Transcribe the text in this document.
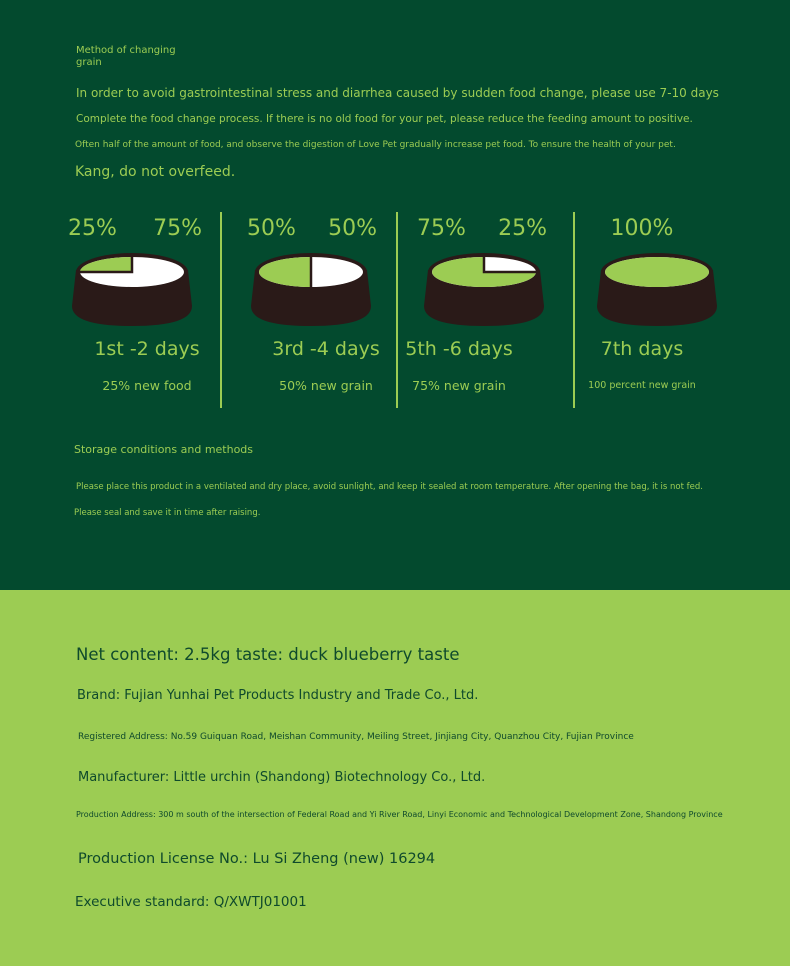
Method of changing grain
In order to avoid gastrointestinal stress and diarrhea caused by sudden food change, please use 7-10 days
Complete the food change process. If there is no old food for your pet, please reduce the feeding amount to positive.
Often half of the amount of food, and observe the digestion of Love Pet gradually increase pet food. To ensure the health of your pet.
Kang, do not overfeed.
25% 75%
1st -2 days
25% new food
50% 50%
3rd -4 days
50% new grain
75% 25%
5th -6 days
75% new grain
100%
7th days
100 percent new grain
Storage conditions and methods
Please place this product in a ventilated and dry place, avoid sunlight, and keep it sealed at room temperature. After opening the bag, it is not fed.
Please seal and save it in time after raising.
Net content: 2.5kg taste: duck blueberry taste
Brand: Fujian Yunhai Pet Products Industry and Trade Co., Ltd.
Registered Address: No.59 Guiquan Road, Meishan Community, Meiling Street, Jinjiang City, Quanzhou City, Fujian Province
Manufacturer: Little urchin (Shandong) Biotechnology Co., Ltd.
Production Address: 300 m south of the intersection of Federal Road and Yi River Road, Linyi Economic and Technological Development Zone, Shandong Province
Production License No.: Lu Si Zheng (new) 16294
Executive standard: Q/XWTJ01001
